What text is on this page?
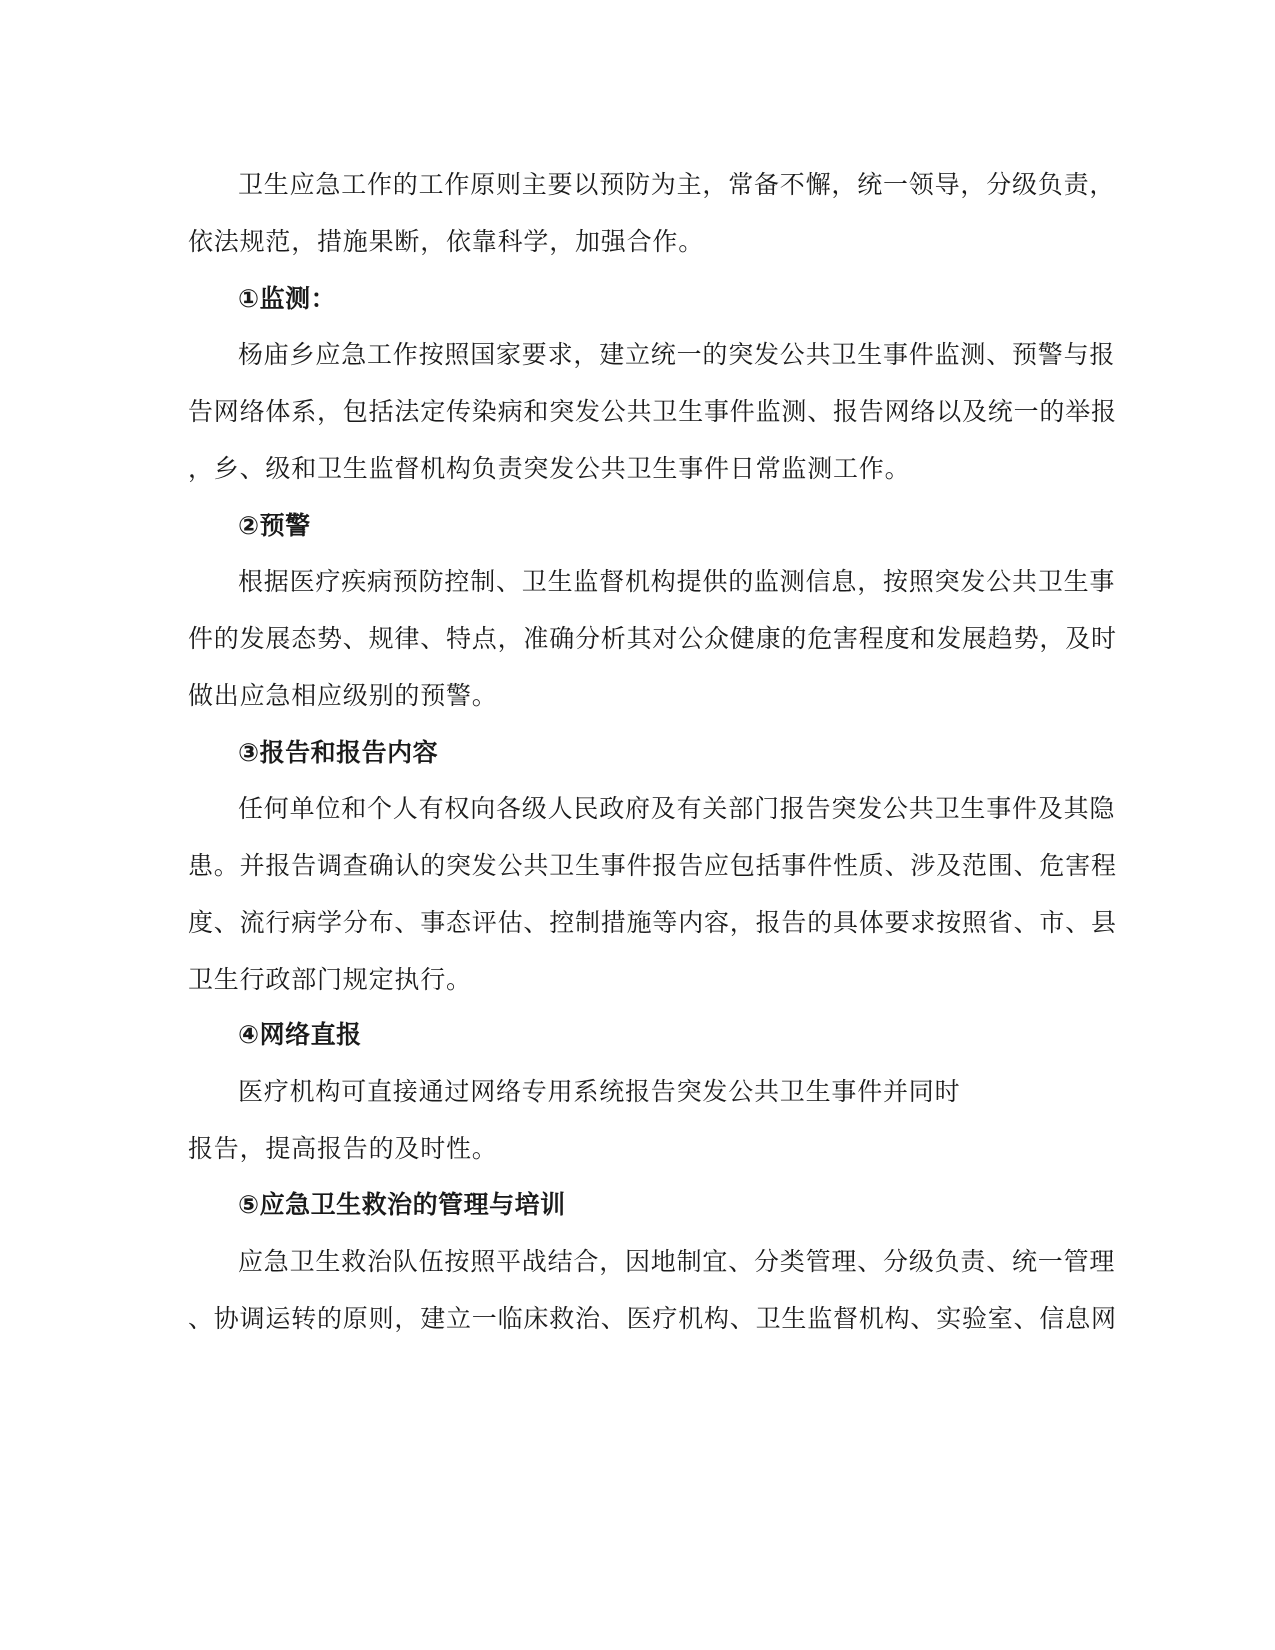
卫生应急工作的工作原则主要以预防为主，常备不懈，统一领导，分级负责，
依法规范，措施果断，依靠科学，加强合作。
①监测：
杨庙乡应急工作按照国家要求，建立统一的突发公共卫生事件监测、预警与报
告网络体系，包括法定传染病和突发公共卫生事件监测、报告网络以及统一的举报
，乡、级和卫生监督机构负责突发公共卫生事件日常监测工作。
②预警
根据医疗疾病预防控制、卫生监督机构提供的监测信息，按照突发公共卫生事
件的发展态势、规律、特点，准确分析其对公众健康的危害程度和发展趋势，及时
做出应急相应级别的预警。
③报告和报告内容
任何单位和个人有权向各级人民政府及有关部门报告突发公共卫生事件及其隐
患。并报告调查确认的突发公共卫生事件报告应包括事件性质、涉及范围、危害程
度、流行病学分布、事态评估、控制措施等内容，报告的具体要求按照省、市、县
卫生行政部门规定执行。
④网络直报
医疗机构可直接通过网络专用系统报告突发公共卫生事件并同时
报告，提高报告的及时性。
⑤应急卫生救治的管理与培训
应急卫生救治队伍按照平战结合，因地制宜、分类管理、分级负责、统一管理
、协调运转的原则，建立一临床救治、医疗机构、卫生监督机构、实验室、信息网
